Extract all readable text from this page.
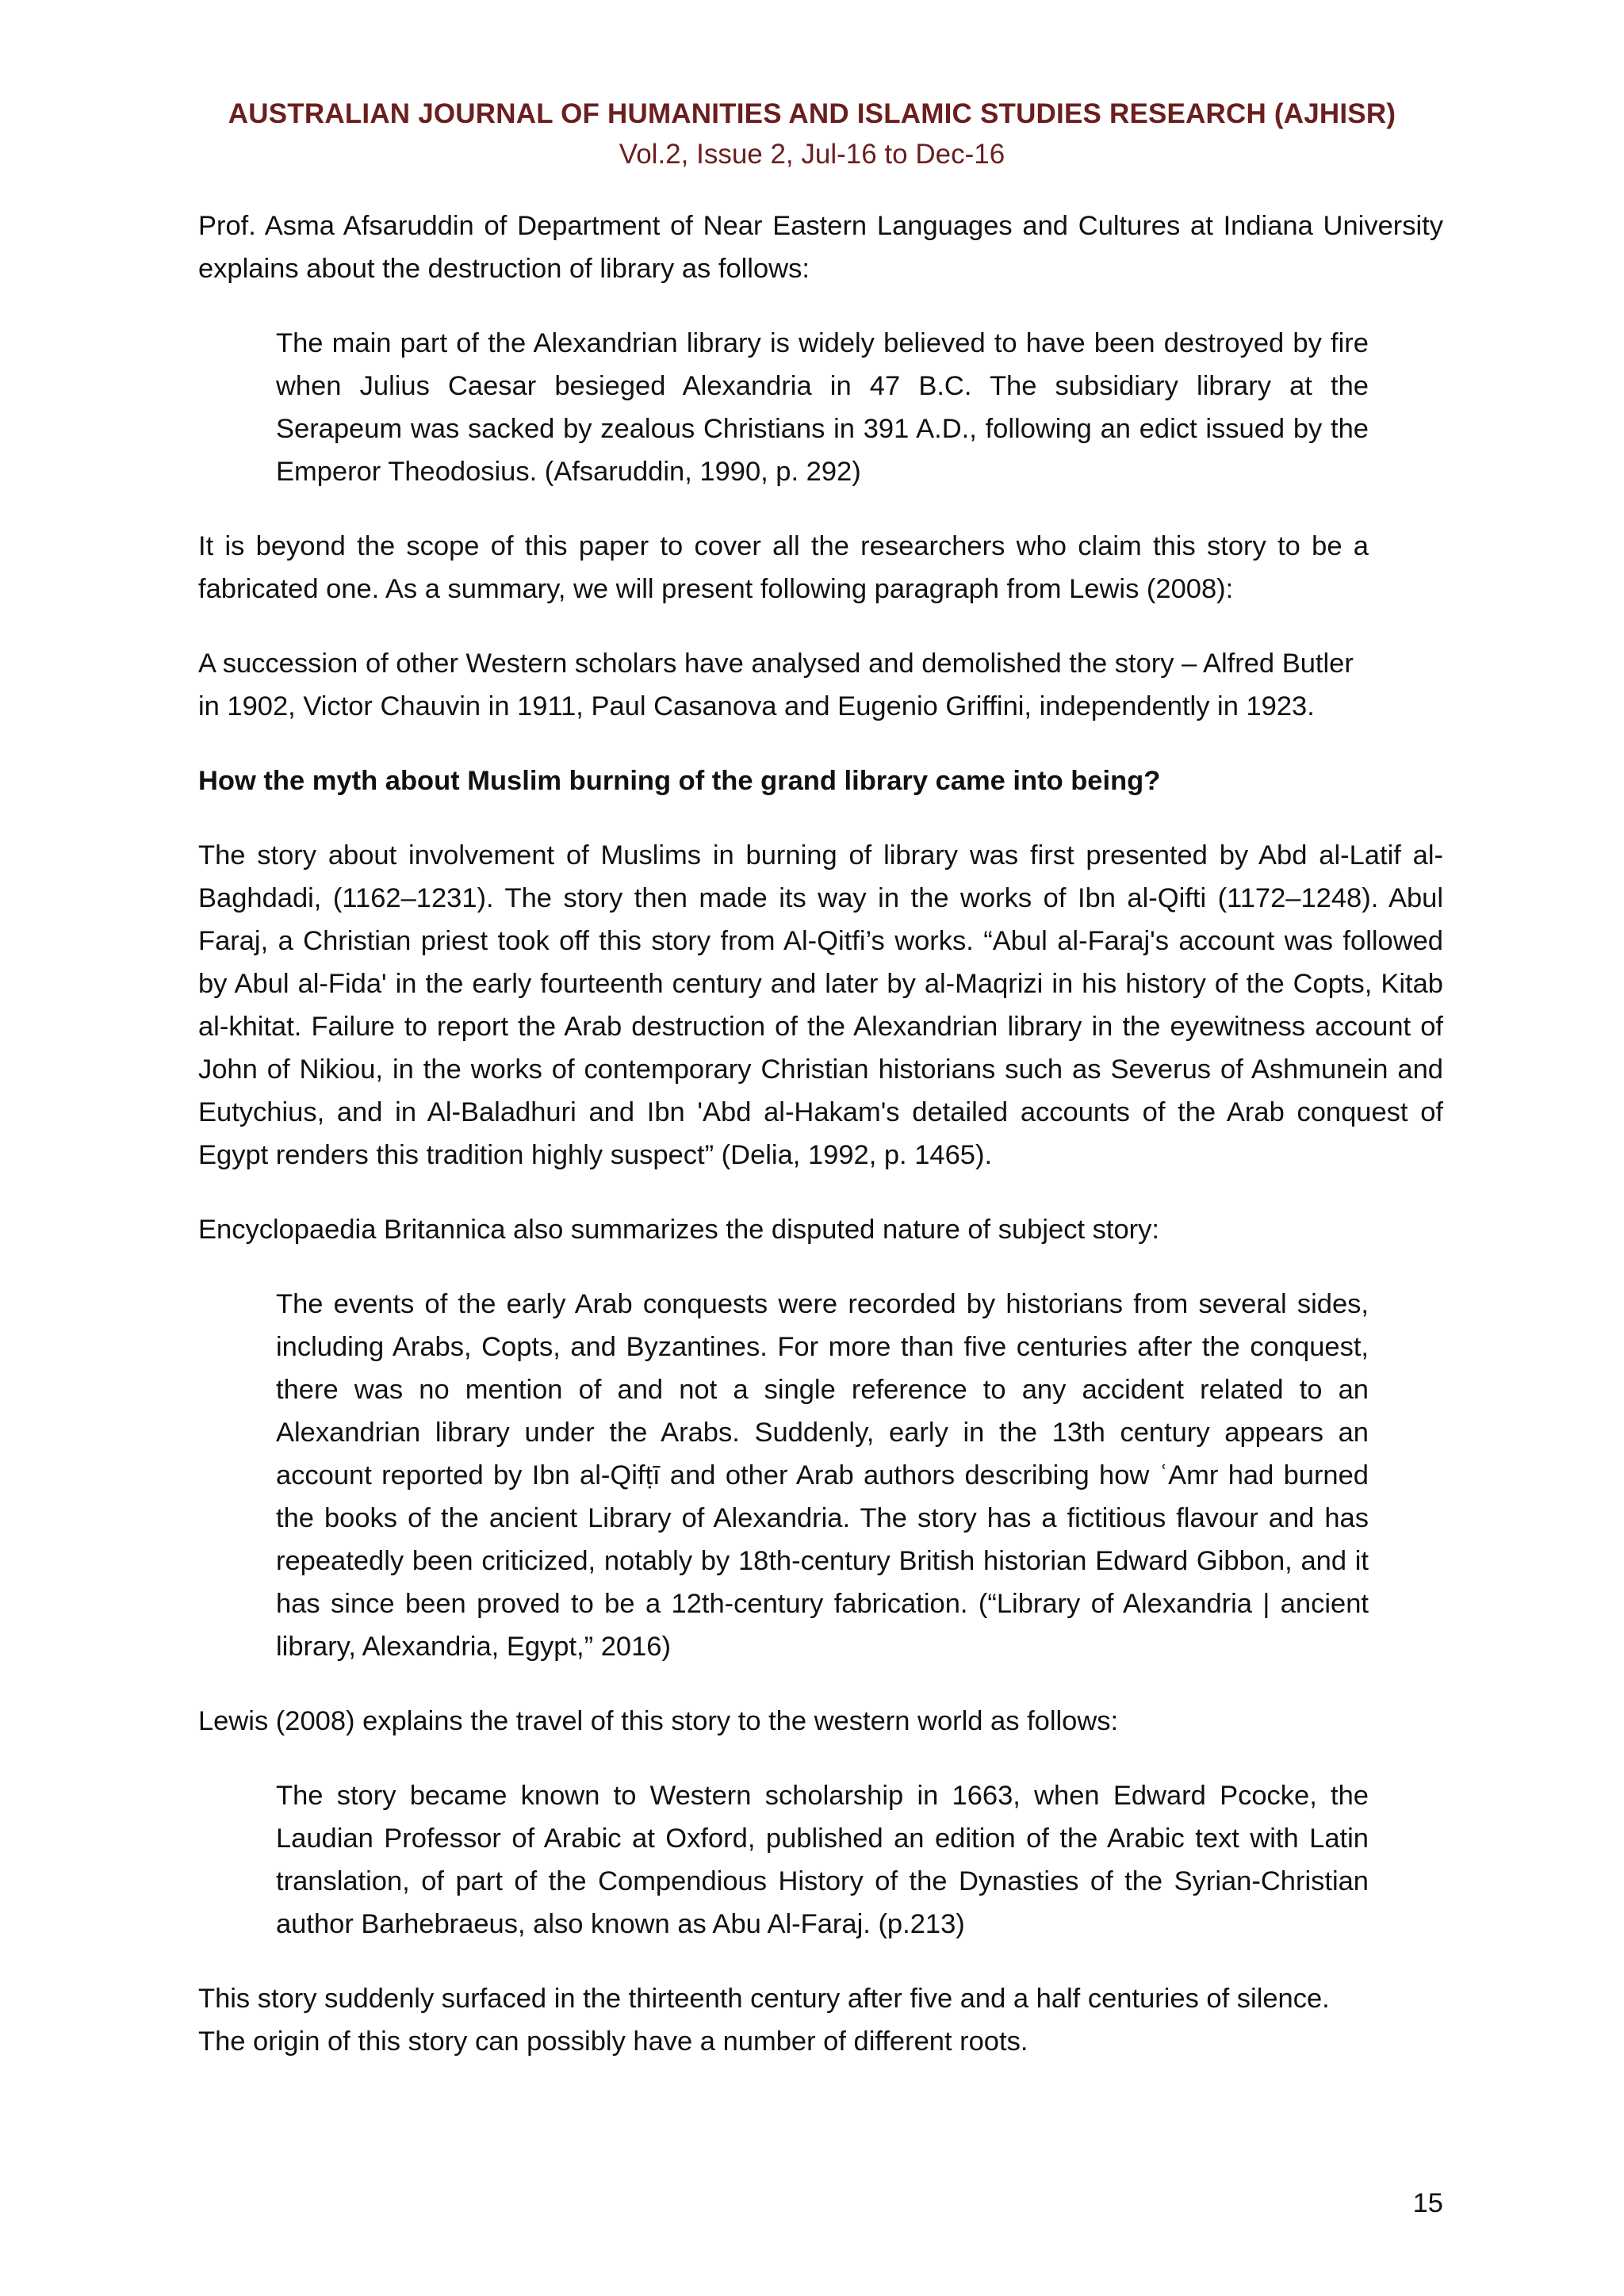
AUSTRALIAN JOURNAL OF HUMANITIES AND ISLAMIC STUDIES RESEARCH (AJHISR)
Vol.2, Issue 2, Jul-16 to Dec-16

Prof. Asma Afsaruddin of Department of Near Eastern Languages and Cultures at Indiana University explains about the destruction of library as follows:

The main part of the Alexandrian library is widely believed to have been destroyed by fire when Julius Caesar besieged Alexandria in 47 B.C. The subsidiary library at the Serapeum was sacked by zealous Christians in 391 A.D., following an edict issued by the Emperor Theodosius. (Afsaruddin, 1990, p. 292)

It is beyond the scope of this paper to cover all the researchers who claim this story to be a fabricated one. As a summary, we will present following paragraph from Lewis (2008):

A succession of other Western scholars have analysed and demolished the story – Alfred Butler in 1902, Victor Chauvin in 1911, Paul Casanova and Eugenio Griffini, independently in 1923.

How the myth about Muslim burning of the grand library came into being?

The story about involvement of Muslims in burning of library was first presented by Abd al-Latif al-Baghdadi, (1162–1231). The story then made its way in the works of Ibn al-Qifti (1172–1248). Abul Faraj, a Christian priest took off this story from Al-Qitfi’s works. “Abul al-Faraj's account was followed by Abul al-Fida' in the early fourteenth century and later by al-Maqrizi in his history of the Copts, Kitab al-khitat. Failure to report the Arab destruction of the Alexandrian library in the eyewitness account of John of Nikiou, in the works of contemporary Christian historians such as Severus of Ashmunein and Eutychius, and in Al-Baladhuri and Ibn 'Abd al-Hakam's detailed accounts of the Arab conquest of Egypt renders this tradition highly suspect” (Delia, 1992, p. 1465).

Encyclopaedia Britannica also summarizes the disputed nature of subject story:

The events of the early Arab conquests were recorded by historians from several sides, including Arabs, Copts, and Byzantines. For more than five centuries after the conquest, there was no mention of and not a single reference to any accident related to an Alexandrian library under the Arabs. Suddenly, early in the 13th century appears an account reported by Ibn al-Qifṭī and other Arab authors describing how ʿAmr had burned the books of the ancient Library of Alexandria. The story has a fictitious flavour and has repeatedly been criticized, notably by 18th-century British historian Edward Gibbon, and it has since been proved to be a 12th-century fabrication. (“Library of Alexandria | ancient library, Alexandria, Egypt,” 2016)

Lewis (2008) explains the travel of this story to the western world as follows:

The story became known to Western scholarship in 1663, when Edward Pcocke, the Laudian Professor of Arabic at Oxford, published an edition of the Arabic text with Latin translation, of part of the Compendious History of the Dynasties of the Syrian-Christian author Barhebraeus, also known as Abu Al-Faraj. (p.213)

This story suddenly surfaced in the thirteenth century after five and a half centuries of silence. The origin of this story can possibly have a number of different roots.

15
